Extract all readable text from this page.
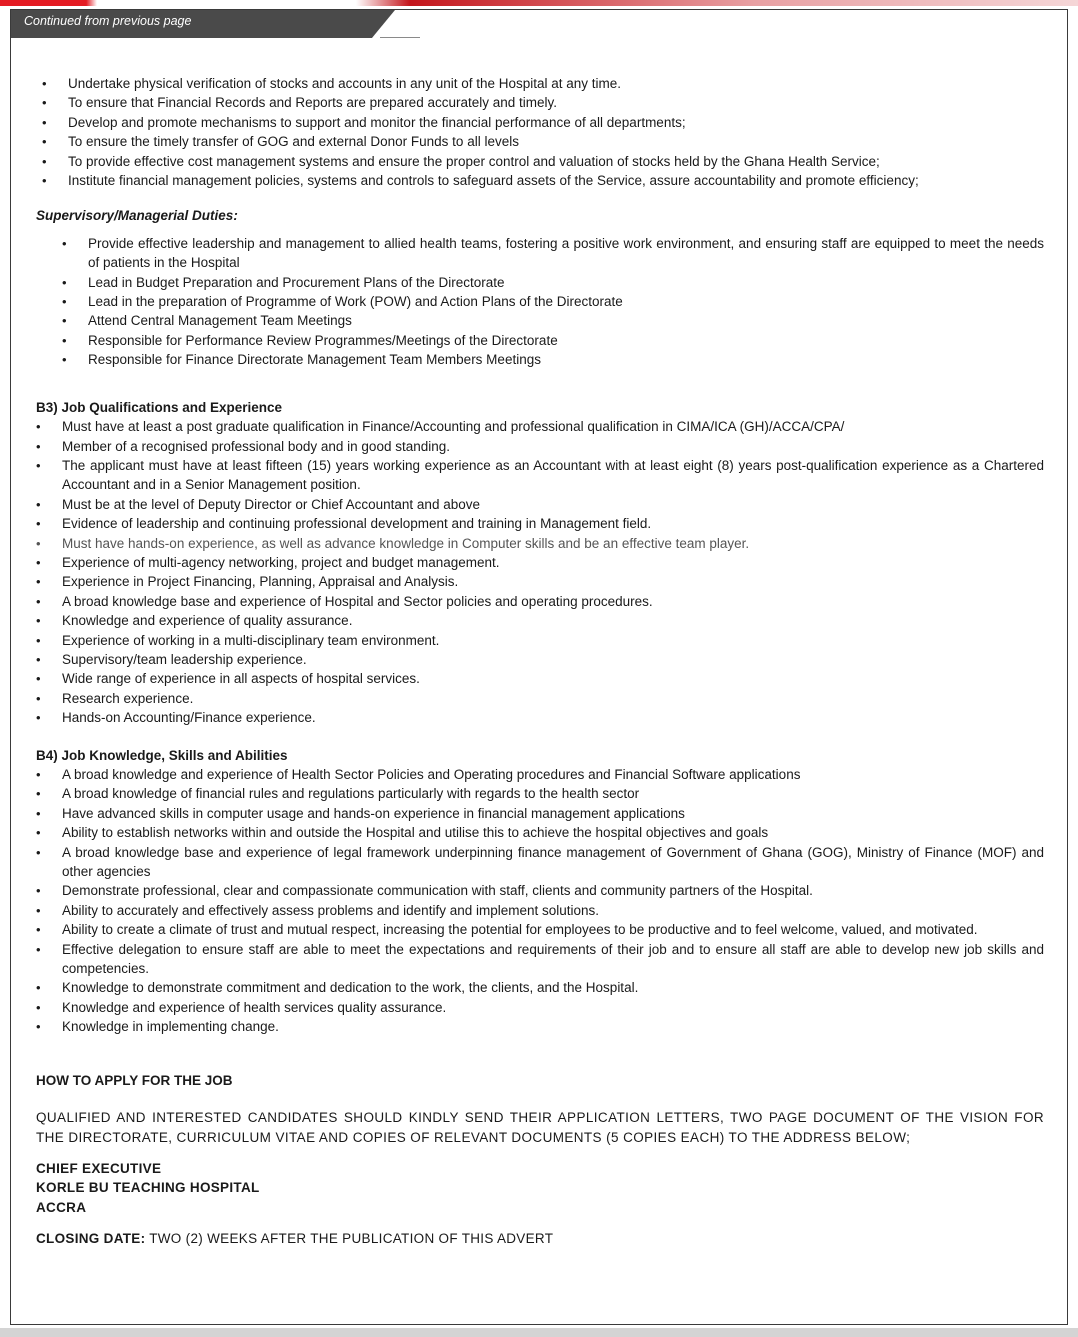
Continued from previous page
• Undertake physical verification of stocks and accounts in any unit of the Hospital at any time.
• To ensure that Financial Records and Reports are prepared accurately and timely.
• Develop and promote mechanisms to support and monitor the financial performance of all departments;
• To ensure the timely transfer of GOG and external Donor Funds to all levels
• To provide effective cost management systems and ensure the proper control and valuation of stocks held by the Ghana Health Service;
• Institute financial management policies, systems and controls to safeguard assets of the Service, assure accountability and promote efficiency;
Supervisory/Managerial Duties:
• Provide effective leadership and management to allied health teams, fostering a positive work environment, and ensuring staff are equipped to meet the needs of patients in the Hospital
• Lead in Budget Preparation and Procurement Plans of the Directorate
• Lead in the preparation of Programme of Work (POW) and Action Plans of the Directorate
• Attend Central Management Team Meetings
• Responsible for Performance Review Programmes/Meetings of the Directorate
• Responsible for Finance Directorate Management Team Members Meetings
B3) Job Qualifications and Experience
• Must have at least a post graduate qualification in Finance/Accounting and professional qualification in CIMA/ICA (GH)/ACCA/CPA/
• Member of a recognised professional body and in good standing.
• The applicant must have at least fifteen (15) years working experience as an Accountant with at least eight (8) years post-qualification experience as a Chartered Accountant and in a Senior Management position.
• Must be at the level of Deputy Director or Chief Accountant and above
• Evidence of leadership and continuing professional development and training in Management field.
• Must have hands-on experience, as well as advance knowledge in Computer skills and be an effective team player.
• Experience of multi-agency networking, project and budget management.
• Experience in Project Financing, Planning, Appraisal and Analysis.
• A broad knowledge base and experience of Hospital and Sector policies and operating procedures.
• Knowledge and experience of quality assurance.
• Experience of working in a multi-disciplinary team environment.
• Supervisory/team leadership experience.
• Wide range of experience in all aspects of hospital services.
• Research experience.
• Hands-on Accounting/Finance experience.
B4) Job Knowledge, Skills and Abilities
• A broad knowledge and experience of Health Sector Policies and Operating procedures and Financial Software applications
• A broad knowledge of financial rules and regulations particularly with regards to the health sector
• Have advanced skills in computer usage and hands-on experience in financial management applications
• Ability to establish networks within and outside the Hospital and utilise this to achieve the hospital objectives and goals
• A broad knowledge base and experience of legal framework underpinning finance management of Government of Ghana (GOG), Ministry of Finance (MOF) and other agencies
• Demonstrate professional, clear and compassionate communication with staff, clients and community partners of the Hospital.
• Ability to accurately and effectively assess problems and identify and implement solutions.
• Ability to create a climate of trust and mutual respect, increasing the potential for employees to be productive and to feel welcome, valued, and motivated.
• Effective delegation to ensure staff are able to meet the expectations and requirements of their job and to ensure all staff are able to develop new job skills and competencies.
• Knowledge to demonstrate commitment and dedication to the work, the clients, and the Hospital.
• Knowledge and experience of health services quality assurance.
• Knowledge in implementing change.
HOW TO APPLY FOR THE JOB
QUALIFIED AND INTERESTED CANDIDATES SHOULD KINDLY SEND THEIR APPLICATION LETTERS, TWO PAGE DOCUMENT OF THE VISION FOR THE DIRECTORATE, CURRICULUM VITAE AND COPIES OF RELEVANT DOCUMENTS (5 COPIES EACH) TO THE ADDRESS BELOW;
CHIEF EXECUTIVE
KORLE BU TEACHING HOSPITAL
ACCRA
CLOSING DATE: TWO (2) WEEKS AFTER THE PUBLICATION OF THIS ADVERT
